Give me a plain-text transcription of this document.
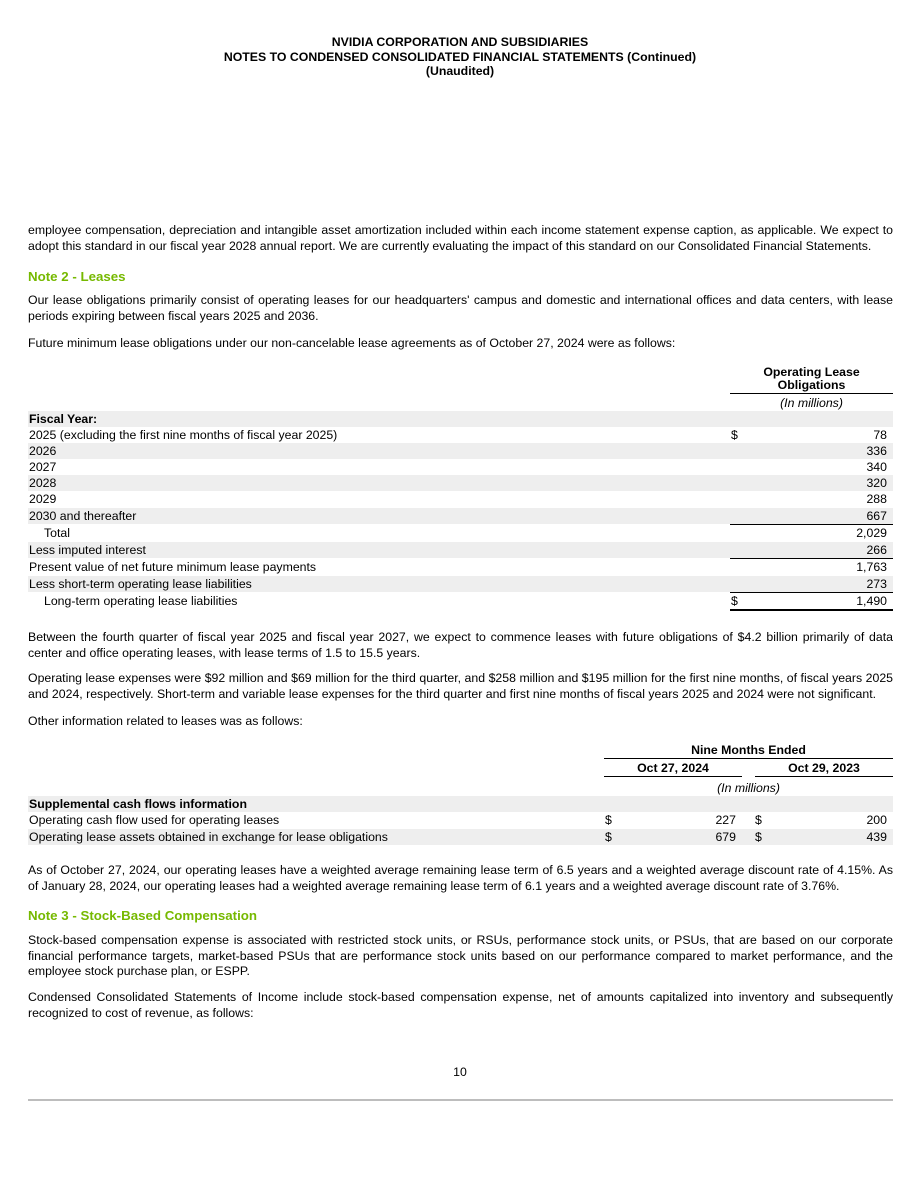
NVIDIA CORPORATION AND SUBSIDIARIES
NOTES TO CONDENSED CONSOLIDATED FINANCIAL STATEMENTS (Continued)
(Unaudited)

employee compensation, depreciation and intangible asset amortization included within each income statement expense caption, as applicable. We expect to adopt this standard in our fiscal year 2028 annual report. We are currently evaluating the impact of this standard on our Consolidated Financial Statements.

Note 2 - Leases

Our lease obligations primarily consist of operating leases for our headquarters' campus and domestic and international offices and data centers, with lease periods expiring between fiscal years 2025 and 2036.

Future minimum lease obligations under our non-cancelable lease agreements as of October 27, 2024 were as follows:

Operating Lease
Obligations
(In millions)
Fiscal Year:
2025 (excluding the first nine months of fiscal year 2025)	$	78
2026	336
2027	340
2028	320
2029	288
2030 and thereafter	667
Total	2,029
Less imputed interest	266
Present value of net future minimum lease payments	1,763
Less short-term operating lease liabilities	273
Long-term operating lease liabilities	$	1,490

Between the fourth quarter of fiscal year 2025 and fiscal year 2027, we expect to commence leases with future obligations of $4.2 billion primarily of data center and office operating leases, with lease terms of 1.5 to 15.5 years.

Operating lease expenses were $92 million and $69 million for the third quarter, and $258 million and $195 million for the first nine months, of fiscal years 2025 and 2024, respectively. Short-term and variable lease expenses for the third quarter and first nine months of fiscal years 2025 and 2024 were not significant.

Other information related to leases was as follows:

Nine Months Ended
Oct 27, 2024	Oct 29, 2023
(In millions)
Supplemental cash flows information
Operating cash flow used for operating leases	$	227 $	200
Operating lease assets obtained in exchange for lease obligations	$	679 $	439

As of October 27, 2024, our operating leases have a weighted average remaining lease term of 6.5 years and a weighted average discount rate of 4.15%. As of January 28, 2024, our operating leases had a weighted average remaining lease term of 6.1 years and a weighted average discount rate of 3.76%.

Note 3 - Stock-Based Compensation

Stock-based compensation expense is associated with restricted stock units, or RSUs, performance stock units, or PSUs, that are based on our corporate financial performance targets, market-based PSUs that are performance stock units based on our performance compared to market performance, and the employee stock purchase plan, or ESPP.

Condensed Consolidated Statements of Income include stock-based compensation expense, net of amounts capitalized into inventory and subsequently recognized to cost of revenue, as follows:

10
